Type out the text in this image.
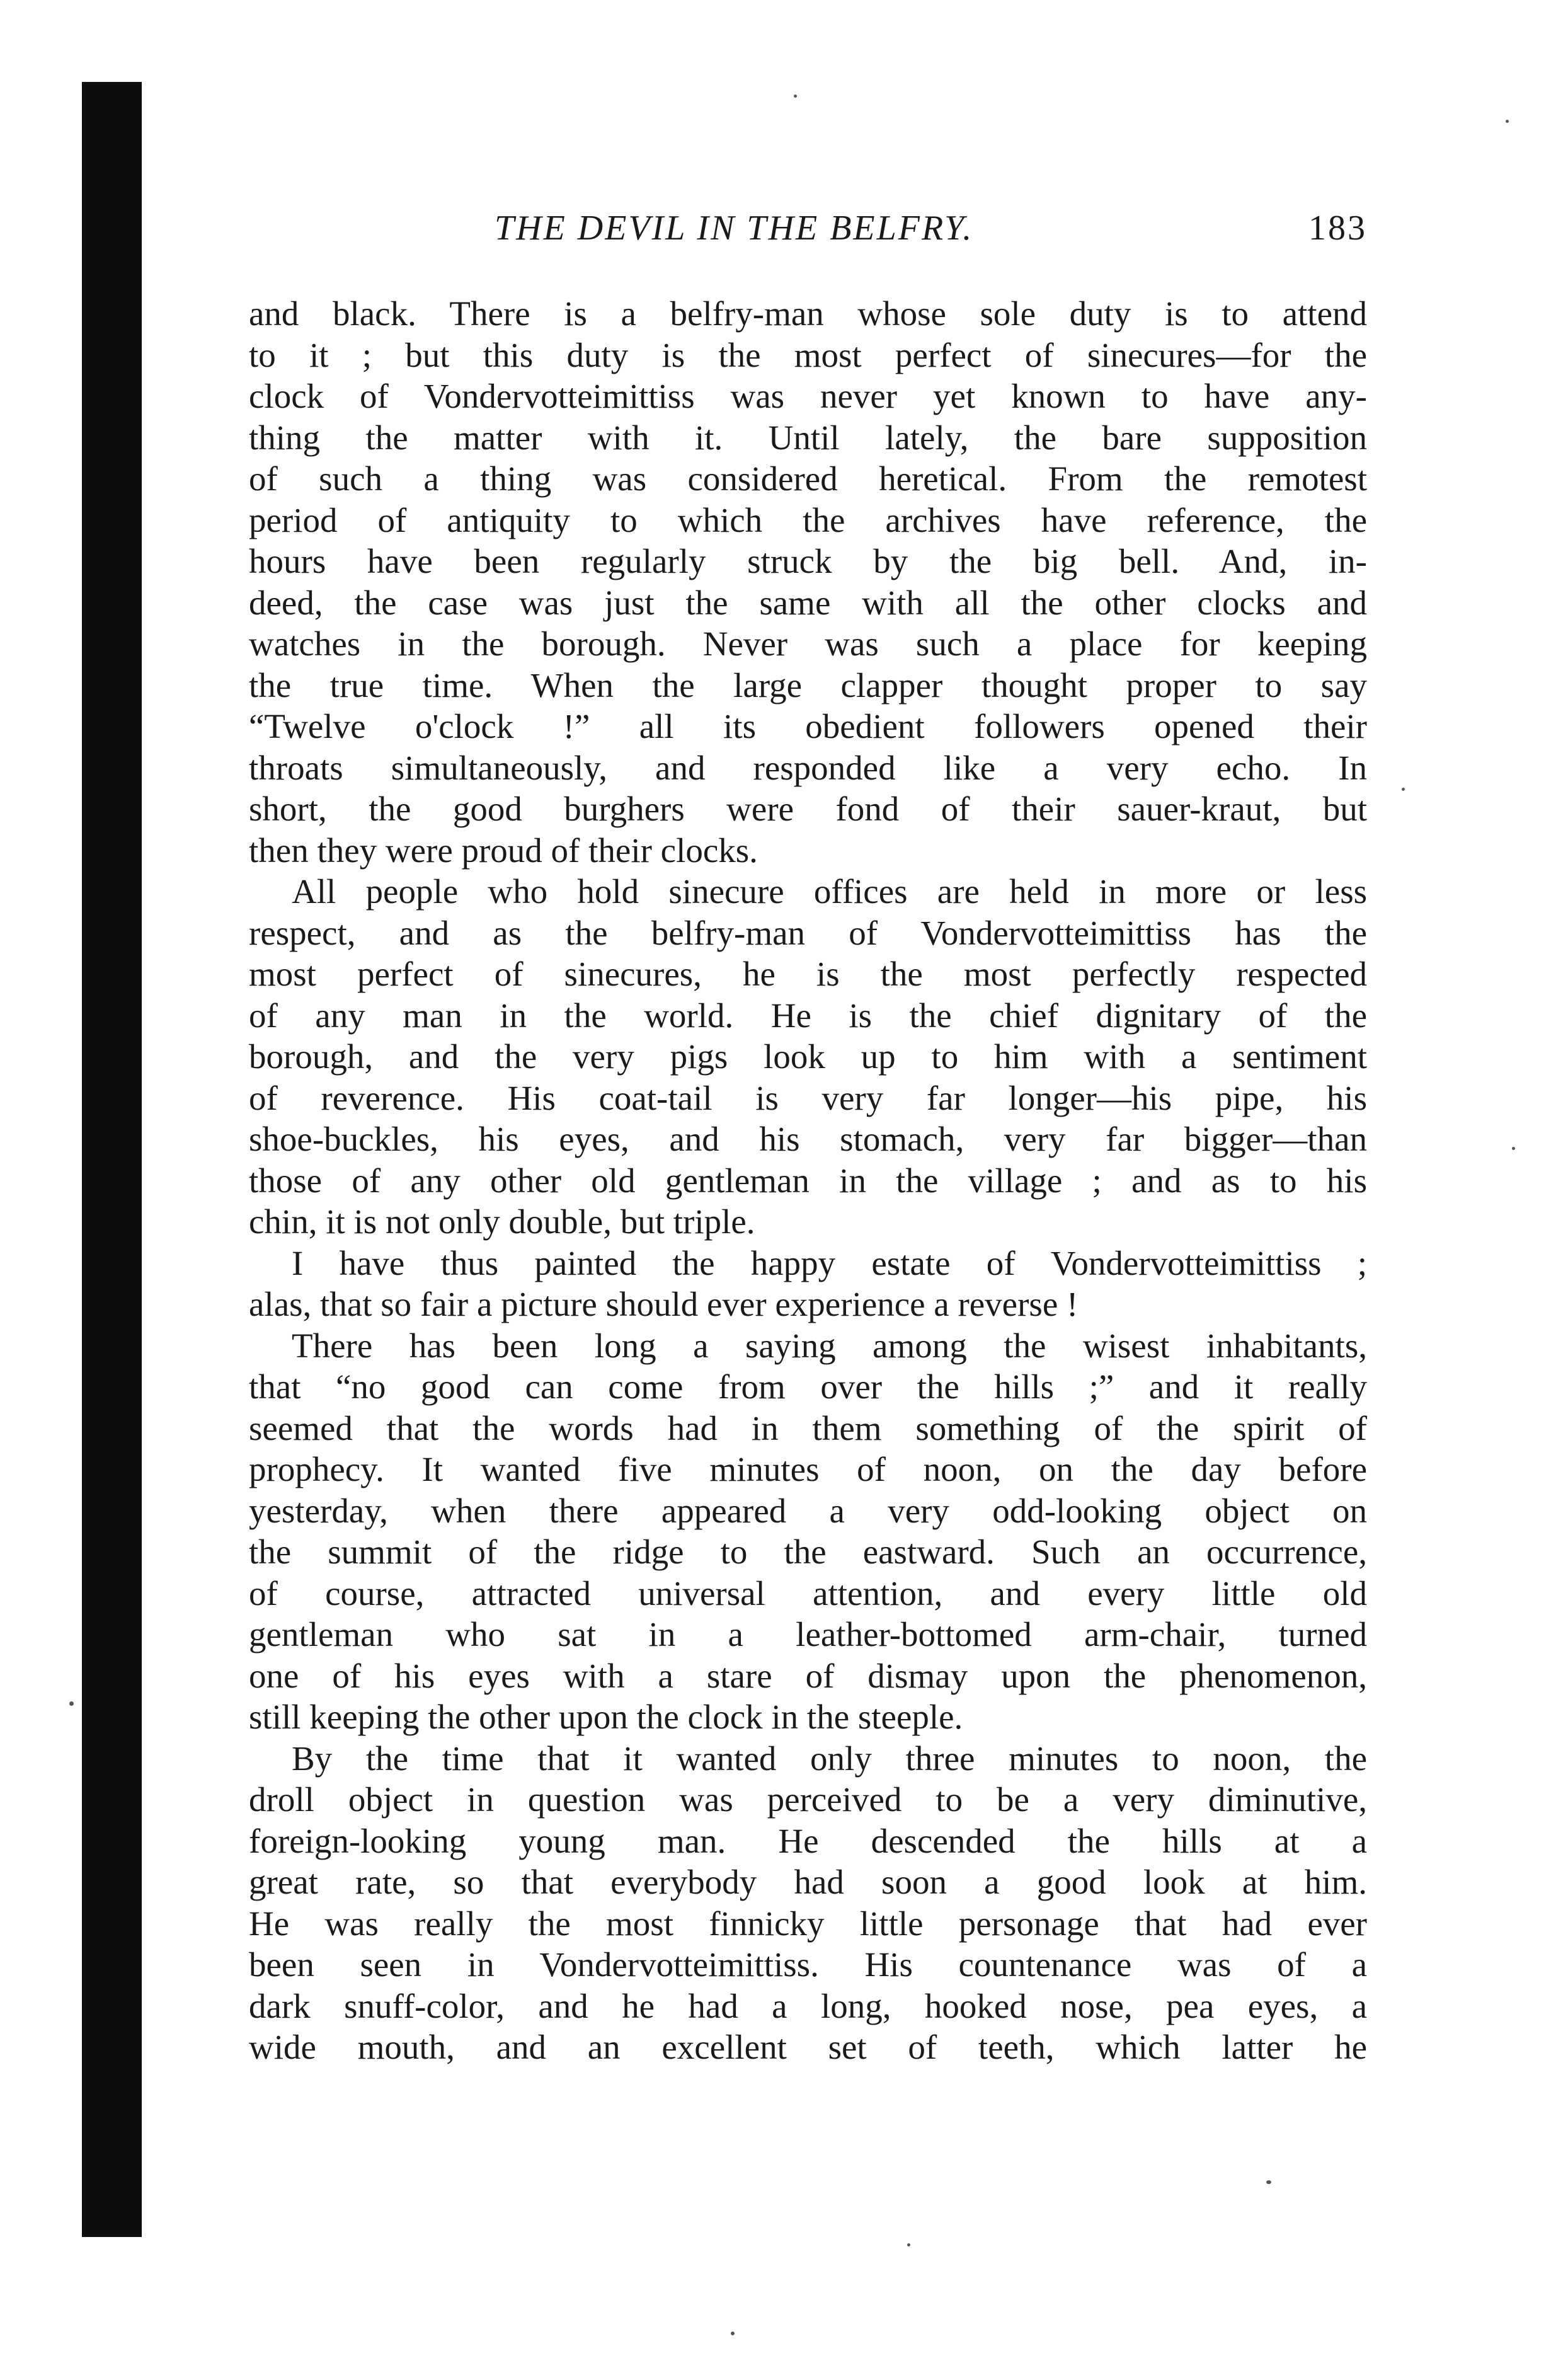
THE DEVIL IN THE BELFRY.	183
and black. There is a belfry-man whose sole duty is to attend
to it ; but this duty is the most perfect of sinecures—for the
clock of Vondervotteimittiss was never yet known to have any-
thing the matter with it. Until lately, the bare supposition
of such a thing was considered heretical. From the remotest
period of antiquity to which the archives have reference, the
hours have been regularly struck by the big bell. And, in-
deed, the case was just the same with all the other clocks and
watches in the borough. Never was such a place for keeping
the true time. When the large clapper thought proper to say
“Twelve o'clock !” all its obedient followers opened their
throats simultaneously, and responded like a very echo. In
short, the good burghers were fond of their sauer-kraut, but
then they were proud of their clocks.
All people who hold sinecure offices are held in more or less
respect, and as the belfry-man of Vondervotteimittiss has the
most perfect of sinecures, he is the most perfectly respected
of any man in the world. He is the chief dignitary of the
borough, and the very pigs look up to him with a sentiment
of reverence. His coat-tail is very far longer—his pipe, his
shoe-buckles, his eyes, and his stomach, very far bigger—than
those of any other old gentleman in the village ; and as to his
chin, it is not only double, but triple.
I have thus painted the happy estate of Vondervotteimittiss ;
alas, that so fair a picture should ever experience a reverse !
There has been long a saying among the wisest inhabitants,
that “no good can come from over the hills ;” and it really
seemed that the words had in them something of the spirit of
prophecy. It wanted five minutes of noon, on the day before
yesterday, when there appeared a very odd-looking object on
the summit of the ridge to the eastward. Such an occurrence,
of course, attracted universal attention, and every little old
gentleman who sat in a leather-bottomed arm-chair, turned
one of his eyes with a stare of dismay upon the phenomenon,
still keeping the other upon the clock in the steeple.
By the time that it wanted only three minutes to noon, the
droll object in question was perceived to be a very diminutive,
foreign-looking young man. He descended the hills at a
great rate, so that everybody had soon a good look at him.
He was really the most finnicky little personage that had ever
been seen in Vondervotteimittiss. His countenance was of a
dark snuff-color, and he had a long, hooked nose, pea eyes, a
wide mouth, and an excellent set of teeth, which latter he
